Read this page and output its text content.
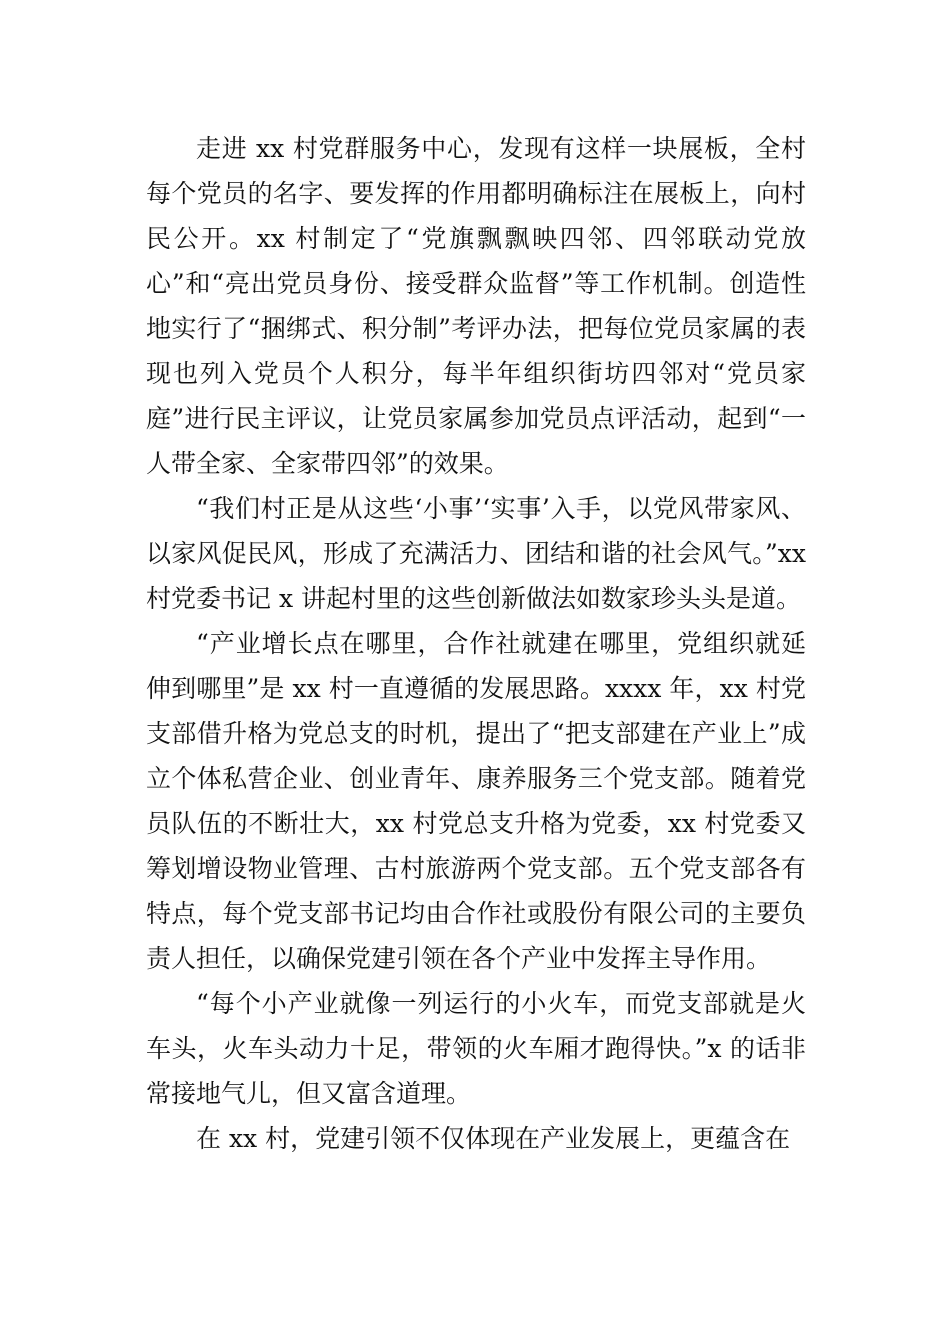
走进 xx 村党群服务中心，发现有这样一块展板，全村每个党员的名字、要发挥的作用都明确标注在展板上，向村民公开。xx 村制定了“党旗飘飘映四邻、四邻联动党放心”和“亮出党员身份、接受群众监督”等工作机制。创造性地实行了“捆绑式、积分制”考评办法，把每位党员家属的表现也列入党员个人积分，每半年组织街坊四邻对“党员家庭”进行民主评议，让党员家属参加党员点评活动，起到“一人带全家、全家带四邻”的效果。

“我们村正是从这些‘小事’‘实事’入手，以党风带家风、以家风促民风，形成了充满活力、团结和谐的社会风气。”xx 村党委书记 x 讲起村里的这些创新做法如数家珍头头是道。

“产业增长点在哪里，合作社就建在哪里，党组织就延伸到哪里”是 xx 村一直遵循的发展思路。xxxx 年，xx 村党支部借升格为党总支的时机，提出了“把支部建在产业上”成立个体私营企业、创业青年、康养服务三个党支部。随着党员队伍的不断壮大，xx 村党总支升格为党委，xx 村党委又筹划增设物业管理、古村旅游两个党支部。五个党支部各有特点，每个党支部书记均由合作社或股份有限公司的主要负责人担任，以确保党建引领在各个产业中发挥主导作用。

“每个小产业就像一列运行的小火车，而党支部就是火车头，火车头动力十足，带领的火车厢才跑得快。”x 的话非常接地气儿，但又富含道理。

在 xx 村，党建引领不仅体现在产业发展上，更蕴含在
